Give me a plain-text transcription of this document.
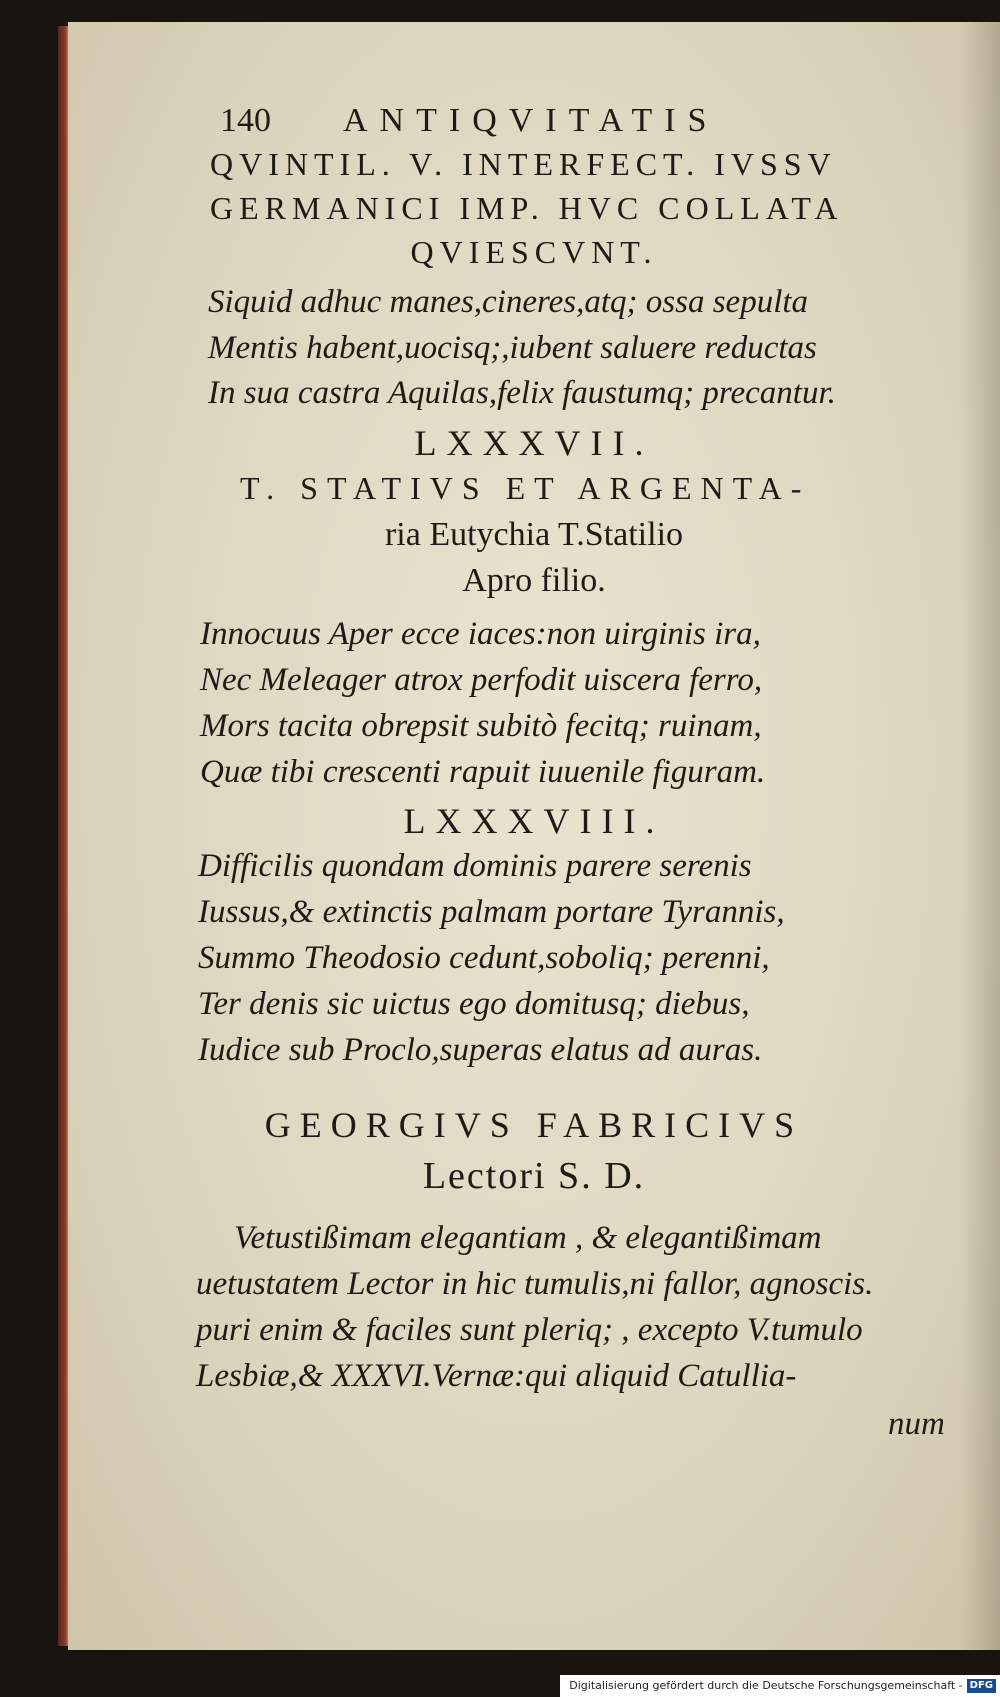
140 ANTIQVITATIS
QVINTIL. V. INTERFECT. IVSSV
GERMANICI IMP. HVC COLLATA
QVIESCVNT.
Siquid adhuc manes,cineres,atq; ossa sepulta
Mentis habent,uocisq;,iubent saluere reductas
In sua castra Aquilas,felix faustumq; precantur.
LXXXVII.
T. STATIVS ET ARGENTA-
ria Eutychia T.Statilio
Apro filio.
Innocuus Aper ecce iaces:non uirginis ira,
Nec Meleager atrox perfodit uiscera ferro,
Mors tacita obrepsit subitò fecitq; ruinam,
Quæ tibi crescenti rapuit iuuenile figuram.
LXXXVIII.
Difficilis quondam dominis parere serenis
Iussus,& extinctis palmam portare Tyrannis,
Summo Theodosio cedunt,soboliq; perenni,
Ter denis sic uictus ego domitusq; diebus,
Iudice sub Proclo,superas elatus ad auras.
GEORGIVS FABRICIVS
Lectori S. D.
Vetustißimam elegantiam , & elegantißimam
uetustatem Lector in hic tumulis,ni fallor, agnoscis.
puri enim & faciles sunt pleriq; , excepto V.tumulo
Lesbiæ,& XXXVI.Vernæ:qui aliquid Catullia-
num
Digitalisierung gefördert durch die Deutsche Forschungsgemeinschaft - DFG
